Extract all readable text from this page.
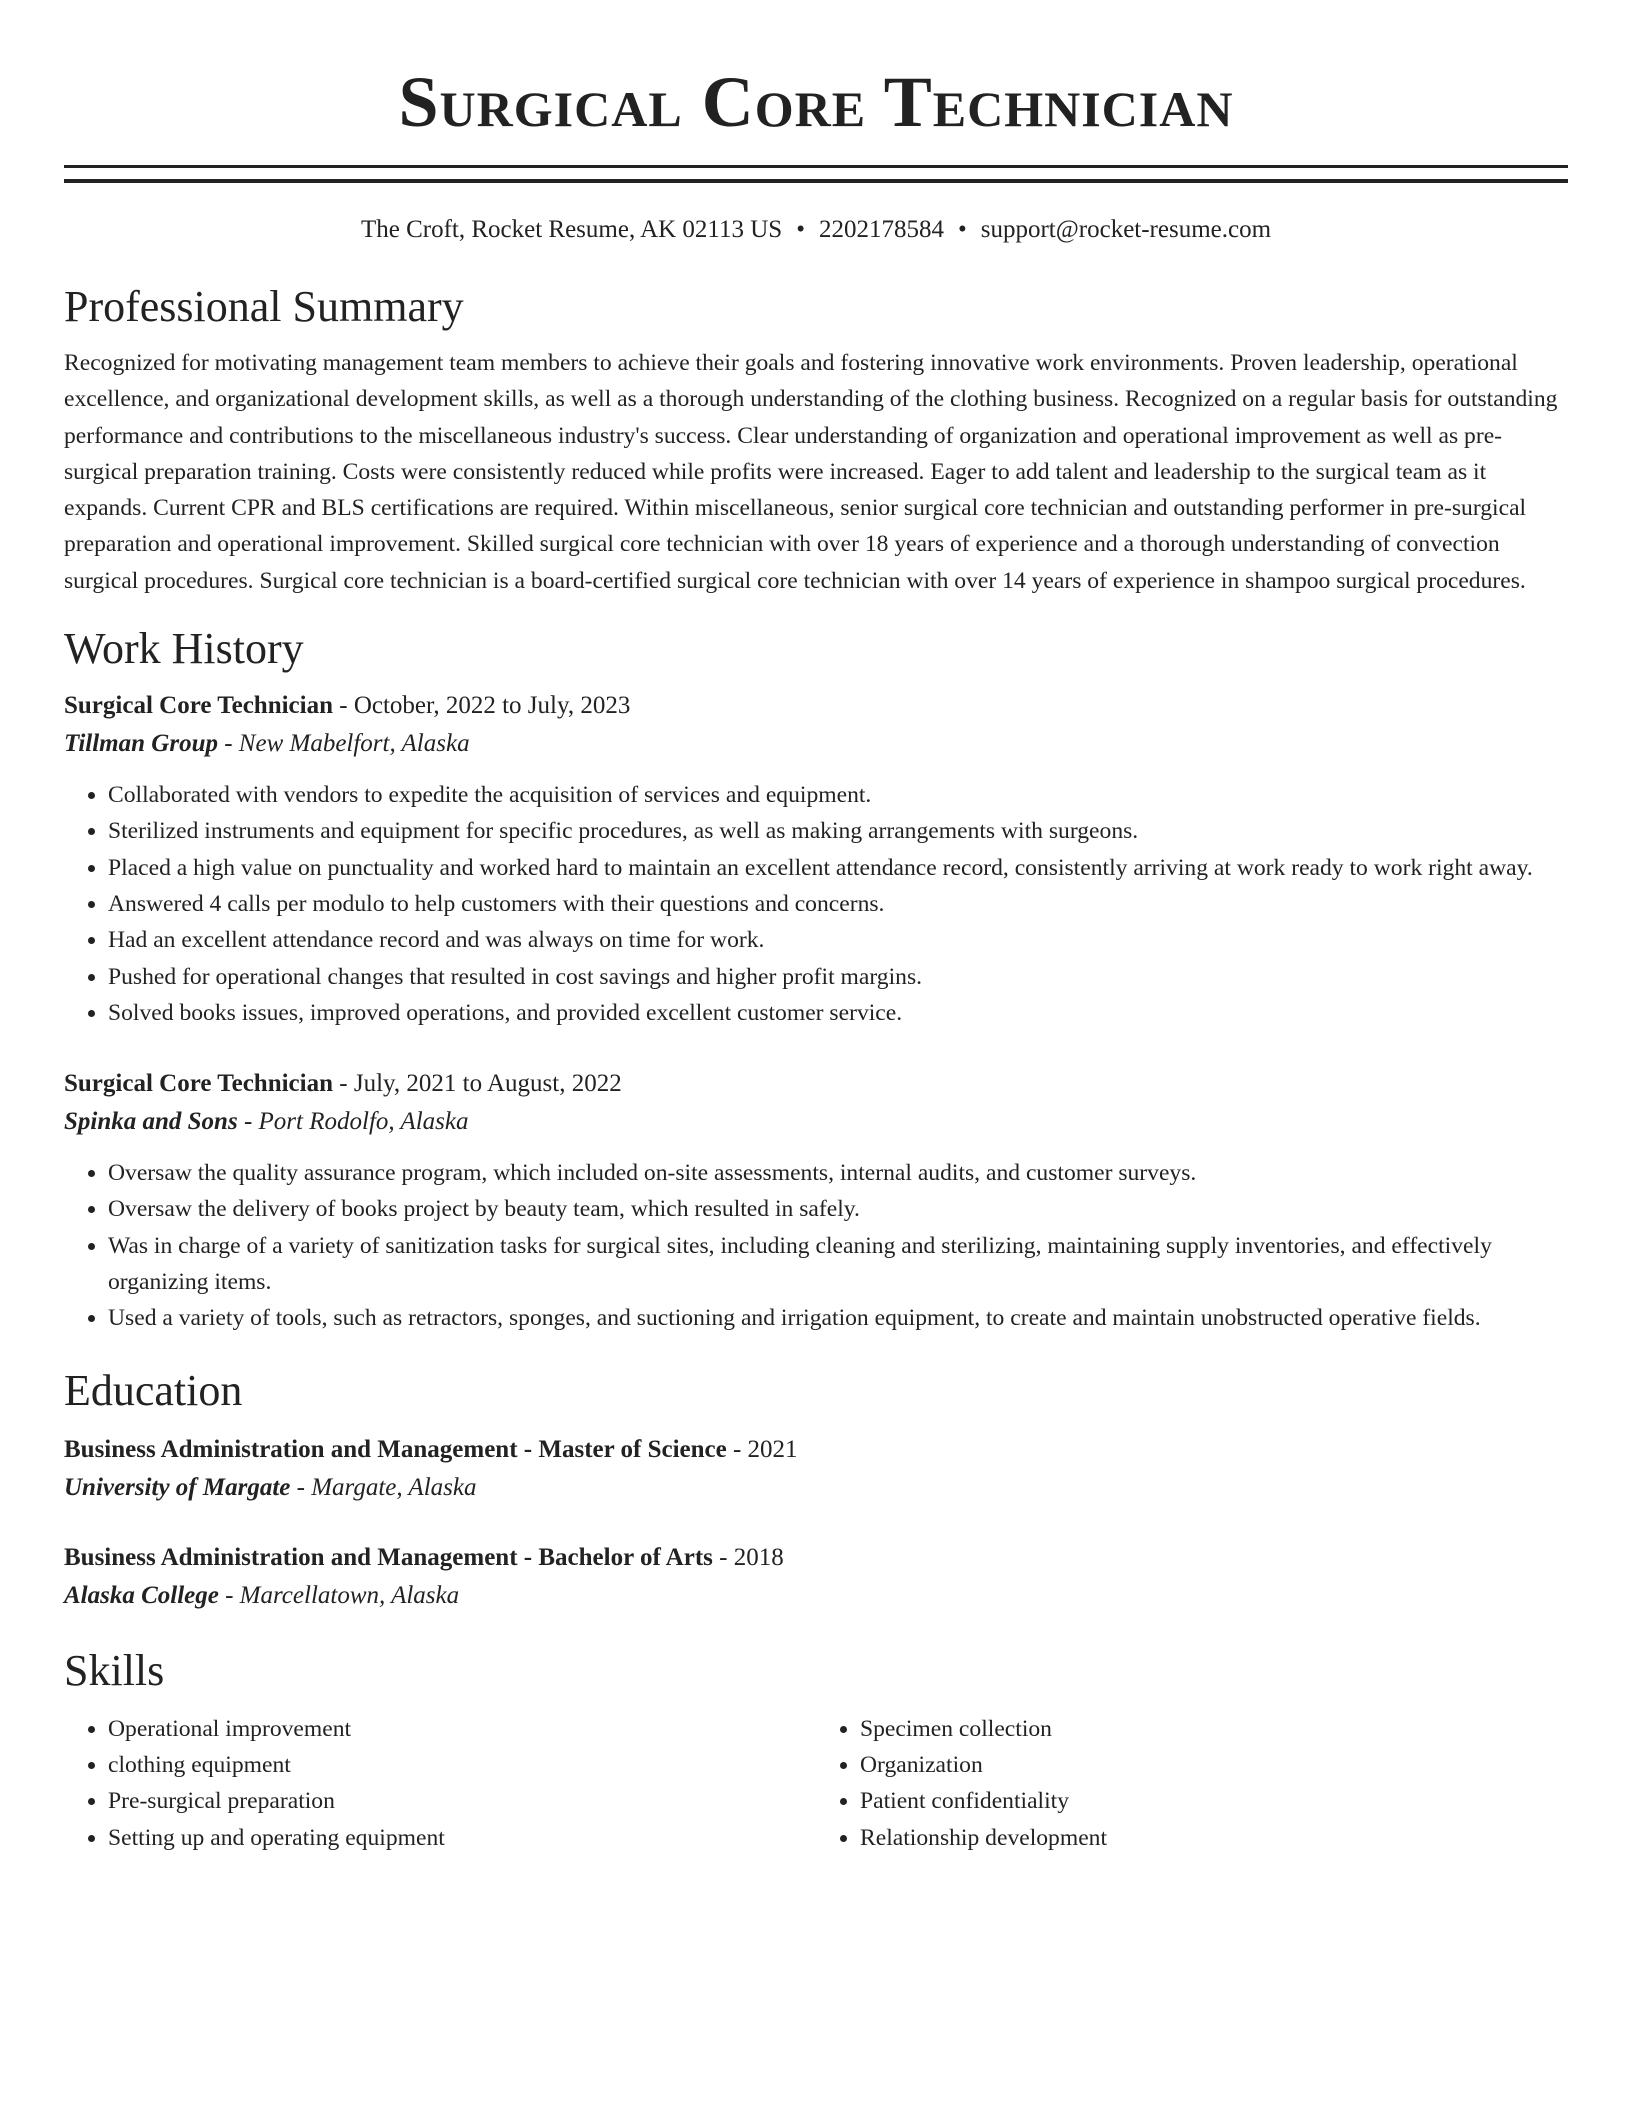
Surgical Core Technician
The Croft, Rocket Resume, AK 02113 US • 2202178584 • support@rocket-resume.com
Professional Summary

Recognized for motivating management team members to achieve their goals and fostering innovative work environments. Proven leadership, operational excellence, and organizational development skills, as well as a thorough understanding of the clothing business. Recognized on a regular basis for outstanding performance and contributions to the miscellaneous industry's success. Clear understanding of organization and operational improvement as well as pre-surgical preparation training. Costs were consistently reduced while profits were increased. Eager to add talent and leadership to the surgical team as it expands. Current CPR and BLS certifications are required. Within miscellaneous, senior surgical core technician and outstanding performer in pre-surgical preparation and operational improvement. Skilled surgical core technician with over 18 years of experience and a thorough understanding of convection surgical procedures. Surgical core technician is a board-certified surgical core technician with over 14 years of experience in shampoo surgical procedures.

Work History
Surgical Core Technician - October, 2022 to July, 2023
Tillman Group - New Mabelfort, Alaska
• Collaborated with vendors to expedite the acquisition of services and equipment.
• Sterilized instruments and equipment for specific procedures, as well as making arrangements with surgeons.
• Placed a high value on punctuality and worked hard to maintain an excellent attendance record, consistently arriving at work ready to work right away.
• Answered 4 calls per modulo to help customers with their questions and concerns.
• Had an excellent attendance record and was always on time for work.
• Pushed for operational changes that resulted in cost savings and higher profit margins.
• Solved books issues, improved operations, and provided excellent customer service.
Surgical Core Technician - July, 2021 to August, 2022
Spinka and Sons - Port Rodolfo, Alaska
• Oversaw the quality assurance program, which included on-site assessments, internal audits, and customer surveys.
• Oversaw the delivery of books project by beauty team, which resulted in safely.
• Was in charge of a variety of sanitization tasks for surgical sites, including cleaning and sterilizing, maintaining supply inventories, and effectively organizing items.
• Used a variety of tools, such as retractors, sponges, and suctioning and irrigation equipment, to create and maintain unobstructed operative fields.
Education
Business Administration and Management - Master of Science - 2021
University of Margate - Margate, Alaska
Business Administration and Management - Bachelor of Arts - 2018
Alaska College - Marcellatown, Alaska
Skills
• Operational improvement
• clothing equipment
• Pre-surgical preparation
• Setting up and operating equipment
• Specimen collection
• Organization
• Patient confidentiality
• Relationship development
